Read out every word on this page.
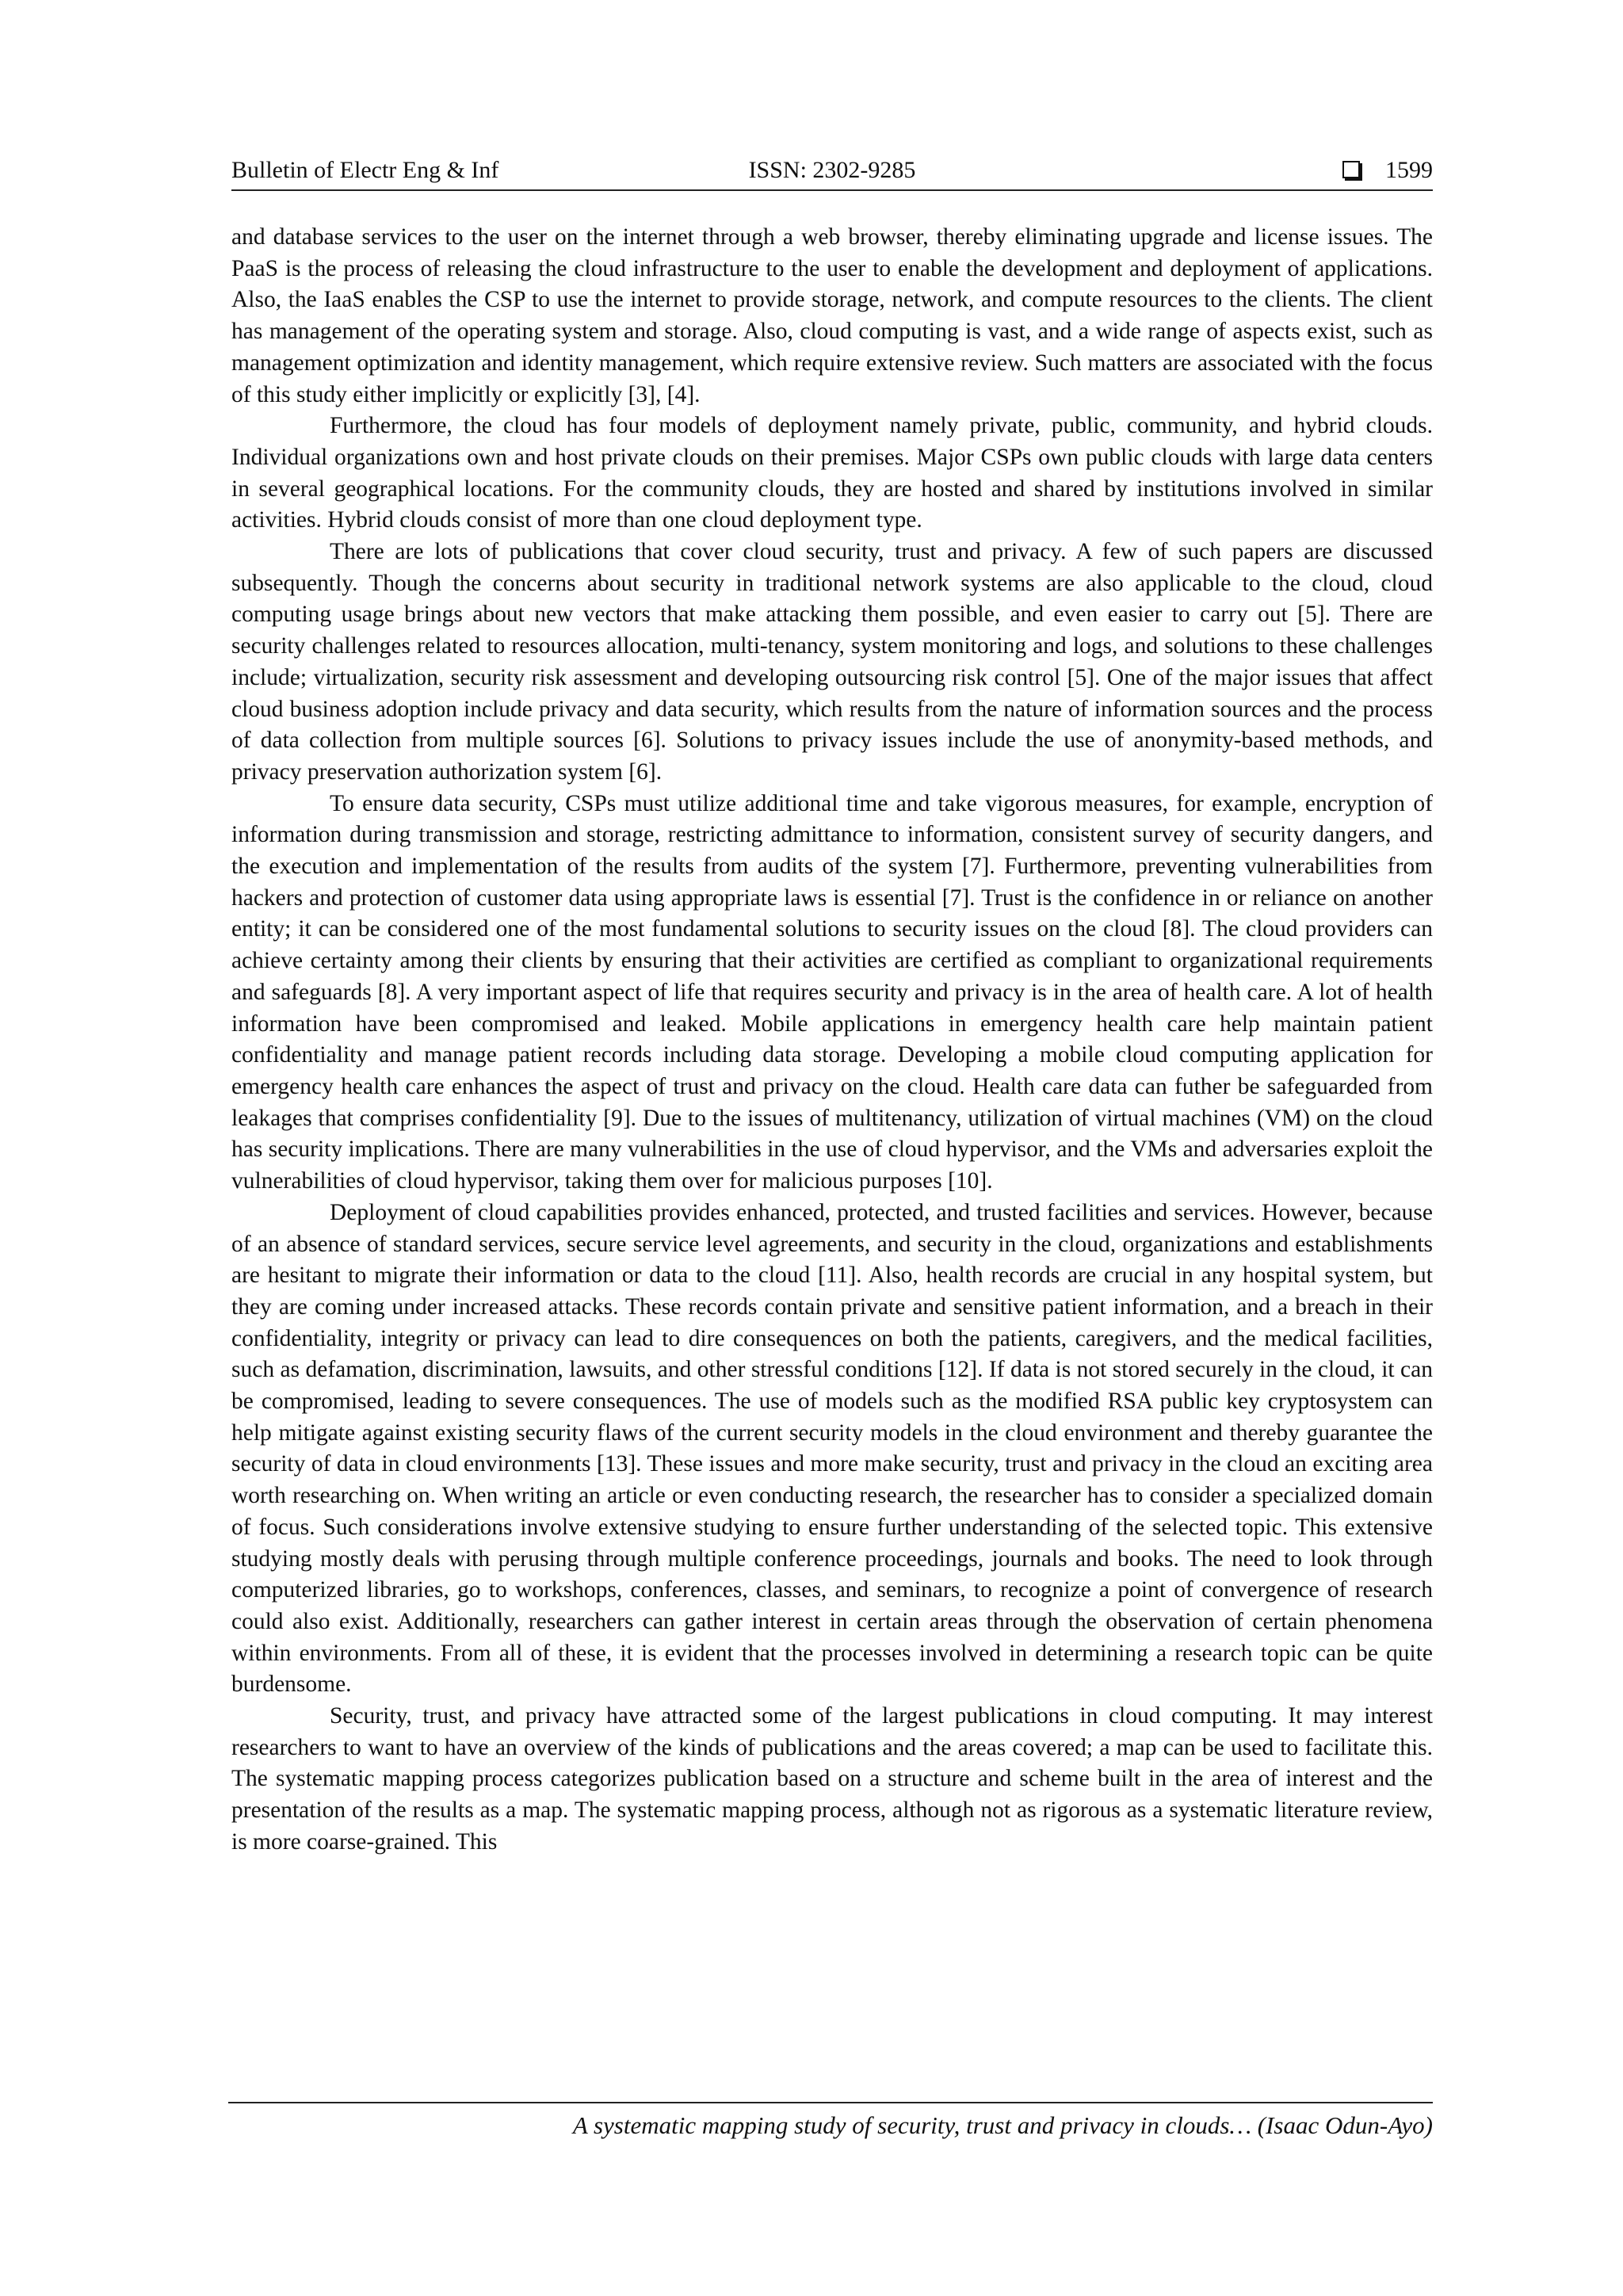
Bulletin of Electr Eng & Inf	ISSN: 2302-9285	1599

and database services to the user on the internet through a web browser, thereby eliminating upgrade and license issues. The PaaS is the process of releasing the cloud infrastructure to the user to enable the development and deployment of applications. Also, the IaaS enables the CSP to use the internet to provide storage, network, and compute resources to the clients. The client has management of the operating system and storage. Also, cloud computing is vast, and a wide range of aspects exist, such as management optimization and identity management, which require extensive review. Such matters are associated with the focus of this study either implicitly or explicitly [3], [4].

Furthermore, the cloud has four models of deployment namely private, public, community, and hybrid clouds. Individual organizations own and host private clouds on their premises. Major CSPs own public clouds with large data centers in several geographical locations. For the community clouds, they are hosted and shared by institutions involved in similar activities. Hybrid clouds consist of more than one cloud deployment type.

There are lots of publications that cover cloud security, trust and privacy. A few of such papers are discussed subsequently. Though the concerns about security in traditional network systems are also applicable to the cloud, cloud computing usage brings about new vectors that make attacking them possible, and even easier to carry out [5]. There are security challenges related to resources allocation, multi-tenancy, system monitoring and logs, and solutions to these challenges include; virtualization, security risk assessment and developing outsourcing risk control [5]. One of the major issues that affect cloud business adoption include privacy and data security, which results from the nature of information sources and the process of data collection from multiple sources [6]. Solutions to privacy issues include the use of anonymity-based methods, and privacy preservation authorization system [6].

To ensure data security, CSPs must utilize additional time and take vigorous measures, for example, encryption of information during transmission and storage, restricting admittance to information, consistent survey of security dangers, and the execution and implementation of the results from audits of the system [7]. Furthermore, preventing vulnerabilities from hackers and protection of customer data using appropriate laws is essential [7]. Trust is the confidence in or reliance on another entity; it can be considered one of the most fundamental solutions to security issues on the cloud [8]. The cloud providers can achieve certainty among their clients by ensuring that their activities are certified as compliant to organizational requirements and safeguards [8]. A very important aspect of life that requires security and privacy is in the area of health care. A lot of health information have been compromised and leaked. Mobile applications in emergency health care help maintain patient confidentiality and manage patient records including data storage. Developing a mobile cloud computing application for emergency health care enhances the aspect of trust and privacy on the cloud. Health care data can futher be safeguarded from leakages that comprises confidentiality [9]. Due to the issues of multitenancy, utilization of virtual machines (VM) on the cloud has security implications. There are many vulnerabilities in the use of cloud hypervisor, and the VMs and adversaries exploit the vulnerabilities of cloud hypervisor, taking them over for malicious purposes [10].

Deployment of cloud capabilities provides enhanced, protected, and trusted facilities and services. However, because of an absence of standard services, secure service level agreements, and security in the cloud, organizations and establishments are hesitant to migrate their information or data to the cloud [11]. Also, health records are crucial in any hospital system, but they are coming under increased attacks. These records contain private and sensitive patient information, and a breach in their confidentiality, integrity or privacy can lead to dire consequences on both the patients, caregivers, and the medical facilities, such as defamation, discrimination, lawsuits, and other stressful conditions [12]. If data is not stored securely in the cloud, it can be compromised, leading to severe consequences. The use of models such as the modified RSA public key cryptosystem can help mitigate against existing security flaws of the current security models in the cloud environment and thereby guarantee the security of data in cloud environments [13]. These issues and more make security, trust and privacy in the cloud an exciting area worth researching on. When writing an article or even conducting research, the researcher has to consider a specialized domain of focus. Such considerations involve extensive studying to ensure further understanding of the selected topic. This extensive studying mostly deals with perusing through multiple conference proceedings, journals and books. The need to look through computerized libraries, go to workshops, conferences, classes, and seminars, to recognize a point of convergence of research could also exist. Additionally, researchers can gather interest in certain areas through the observation of certain phenomena within environments. From all of these, it is evident that the processes involved in determining a research topic can be quite burdensome.

Security, trust, and privacy have attracted some of the largest publications in cloud computing. It may interest researchers to want to have an overview of the kinds of publications and the areas covered; a map can be used to facilitate this. The systematic mapping process categorizes publication based on a structure and scheme built in the area of interest and the presentation of the results as a map. The systematic mapping process, although not as rigorous as a systematic literature review, is more coarse-grained. This

A systematic mapping study of security, trust and privacy in clouds… (Isaac Odun-Ayo)
